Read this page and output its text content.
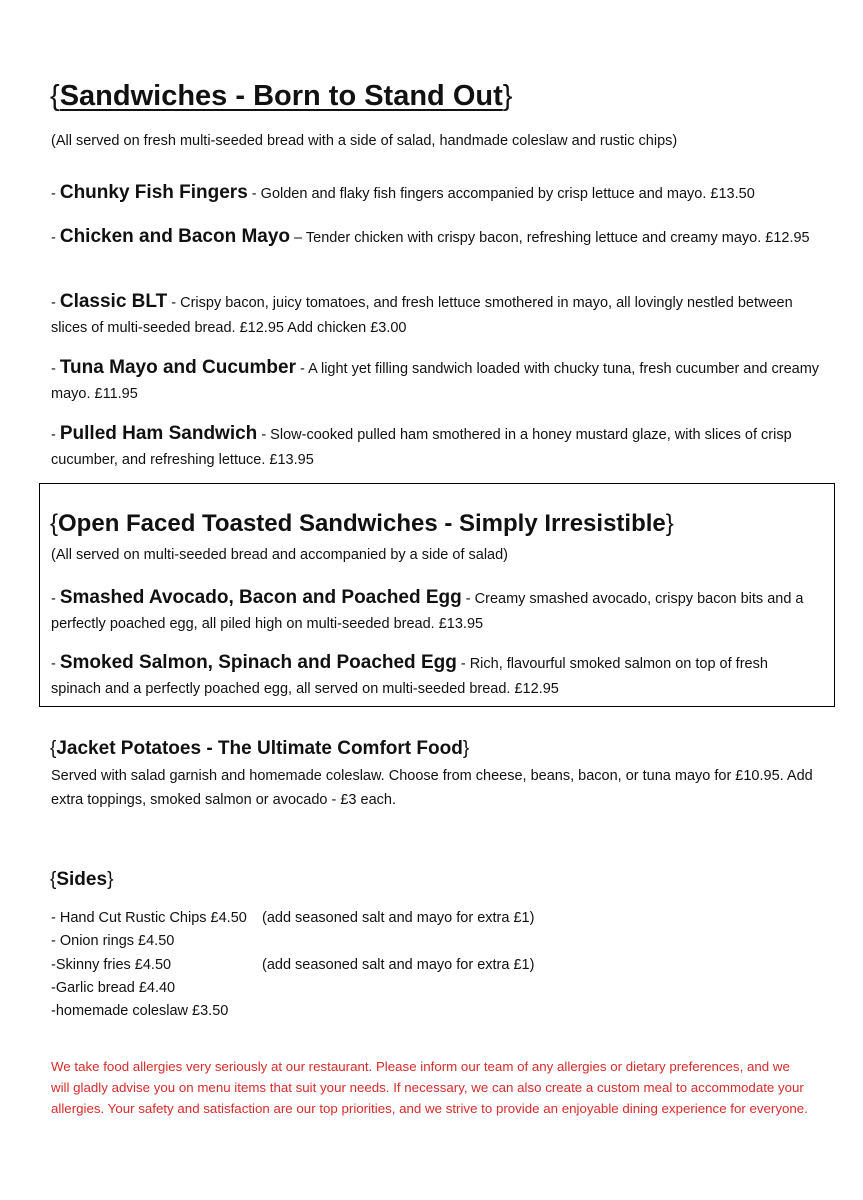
{Sandwiches - Born to Stand Out}
(All served on fresh multi-seeded bread with a side of salad, handmade coleslaw and rustic chips)
- Chunky Fish Fingers - Golden and flaky fish fingers accompanied by crisp lettuce and mayo. £13.50
- Chicken and Bacon Mayo – Tender chicken with crispy bacon, refreshing lettuce and creamy mayo. £12.95
- Classic BLT - Crispy bacon, juicy tomatoes, and fresh lettuce smothered in mayo, all lovingly nestled between slices of multi-seeded bread. £12.95 Add chicken £3.00
- Tuna Mayo and Cucumber - A light yet filling sandwich loaded with chucky tuna, fresh cucumber and creamy mayo. £11.95
- Pulled Ham Sandwich - Slow-cooked pulled ham smothered in a honey mustard glaze, with slices of crisp cucumber, and refreshing lettuce. £13.95
{Open Faced Toasted Sandwiches - Simply Irresistible}
(All served on multi-seeded bread and accompanied by a side of salad)
- Smashed Avocado, Bacon and Poached Egg - Creamy smashed avocado, crispy bacon bits and a perfectly poached egg, all piled high on multi-seeded bread. £13.95
- Smoked Salmon, Spinach and Poached Egg - Rich, flavourful smoked salmon on top of fresh spinach and a perfectly poached egg, all served on multi-seeded bread. £12.95
{Jacket Potatoes - The Ultimate Comfort Food}
Served with salad garnish and homemade coleslaw. Choose from cheese, beans, bacon, or tuna mayo for £10.95. Add extra toppings, smoked salmon or avocado - £3 each.
{Sides}
- Hand Cut Rustic Chips £4.50 (add seasoned salt and mayo for extra £1)
- Onion rings £4.50
-Skinny fries £4.50	(add seasoned salt and mayo for extra £1)
-Garlic bread £4.40
-homemade coleslaw £3.50
We take food allergies very seriously at our restaurant. Please inform our team of any allergies or dietary preferences, and we will gladly advise you on menu items that suit your needs. If necessary, we can also create a custom meal to accommodate your allergies. Your safety and satisfaction are our top priorities, and we strive to provide an enjoyable dining experience for everyone.
